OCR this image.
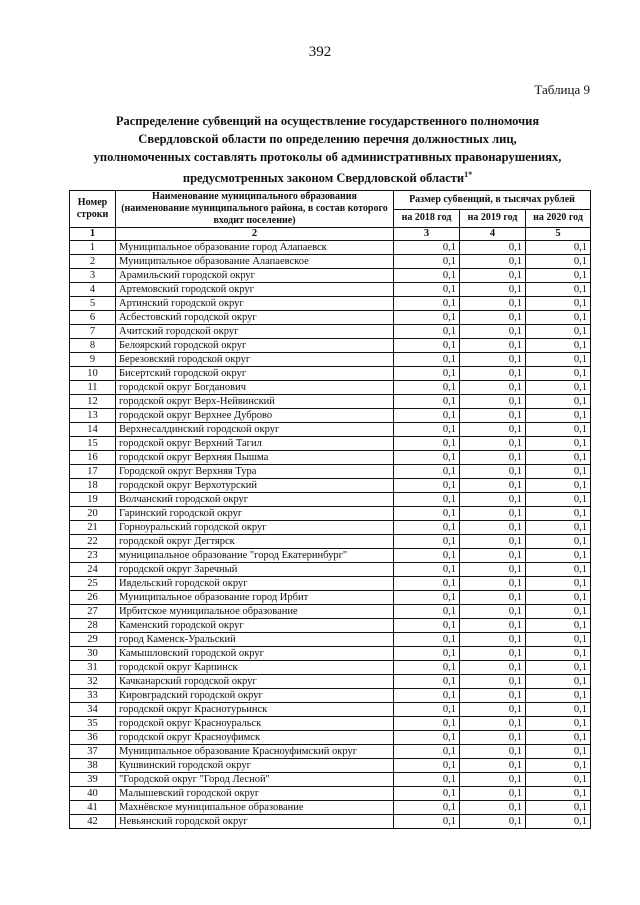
392
Таблица 9
Распределение субвенций на осуществление государственного полномочия Свердловской области по определению перечня должностных лиц, уполномоченных составлять протоколы об административных правонарушениях, предусмотренных законом Свердловской области$^{1*}$
Номер строки	Наименование муниципального образования (наименование муниципального района, в состав которого входит поселение)	Размер субвенций, в тысячах рублей		
		на 2018 год	на 2019 год	на 2020 год
1	2	3	4	5
1	Муниципальное образование город Алапаевск	0,1	0,1	0,1
2	Муниципальное образование Алапаевское	0,1	0,1	0,1
3	Арамильский городской округ	0,1	0,1	0,1
4	Артемовский городской округ	0,1	0,1	0,1
5	Артинский городской округ	0,1	0,1	0,1
6	Асбестовский городской округ	0,1	0,1	0,1
7	Ачитский городской округ	0,1	0,1	0,1
8	Белоярский городской округ	0,1	0,1	0,1
9	Березовский городской округ	0,1	0,1	0,1
10	Бисертский городской округ	0,1	0,1	0,1
11	городской округ Богданович	0,1	0,1	0,1
12	городской округ Верх-Нейвинский	0,1	0,1	0,1
13	городской округ Верхнее Дуброво	0,1	0,1	0,1
14	Верхнесалдинский городской округ	0,1	0,1	0,1
15	городской округ Верхний Тагил	0,1	0,1	0,1
16	городской округ Верхняя Пышма	0,1	0,1	0,1
17	Городской округ Верхняя Тура	0,1	0,1	0,1
18	городской округ Верхотурский	0,1	0,1	0,1
19	Волчанский городской округ	0,1	0,1	0,1
20	Гаринский городской округ	0,1	0,1	0,1
21	Горноуральский городской округ	0,1	0,1	0,1
22	городской округ Дегтярск	0,1	0,1	0,1
23	муниципальное образование "город Екатеринбург"	0,1	0,1	0,1
24	городской округ Заречный	0,1	0,1	0,1
25	Ивдельский городской округ	0,1	0,1	0,1
26	Муниципальное образование город Ирбит	0,1	0,1	0,1
27	Ирбитское муниципальное образование	0,1	0,1	0,1
28	Каменский городской округ	0,1	0,1	0,1
29	город Каменск-Уральский	0,1	0,1	0,1
30	Камышловский городской округ	0,1	0,1	0,1
31	городской округ Карпинск	0,1	0,1	0,1
32	Качканарский городской округ	0,1	0,1	0,1
33	Кировградский городской округ	0,1	0,1	0,1
34	городской округ Краснотурьинск	0,1	0,1	0,1
35	городской округ Красноуральск	0,1	0,1	0,1
36	городской округ Красноуфимск	0,1	0,1	0,1
37	Муниципальное образование Красноуфимский округ	0,1	0,1	0,1
38	Кушвинский городской округ	0,1	0,1	0,1
39	"Городской округ "Город Лесной"	0,1	0,1	0,1
40	Малышевский городской округ	0,1	0,1	0,1
41	Махнёвское муниципальное образование	0,1	0,1	0,1
42	Невьянский городской округ	0,1	0,1	0,1
